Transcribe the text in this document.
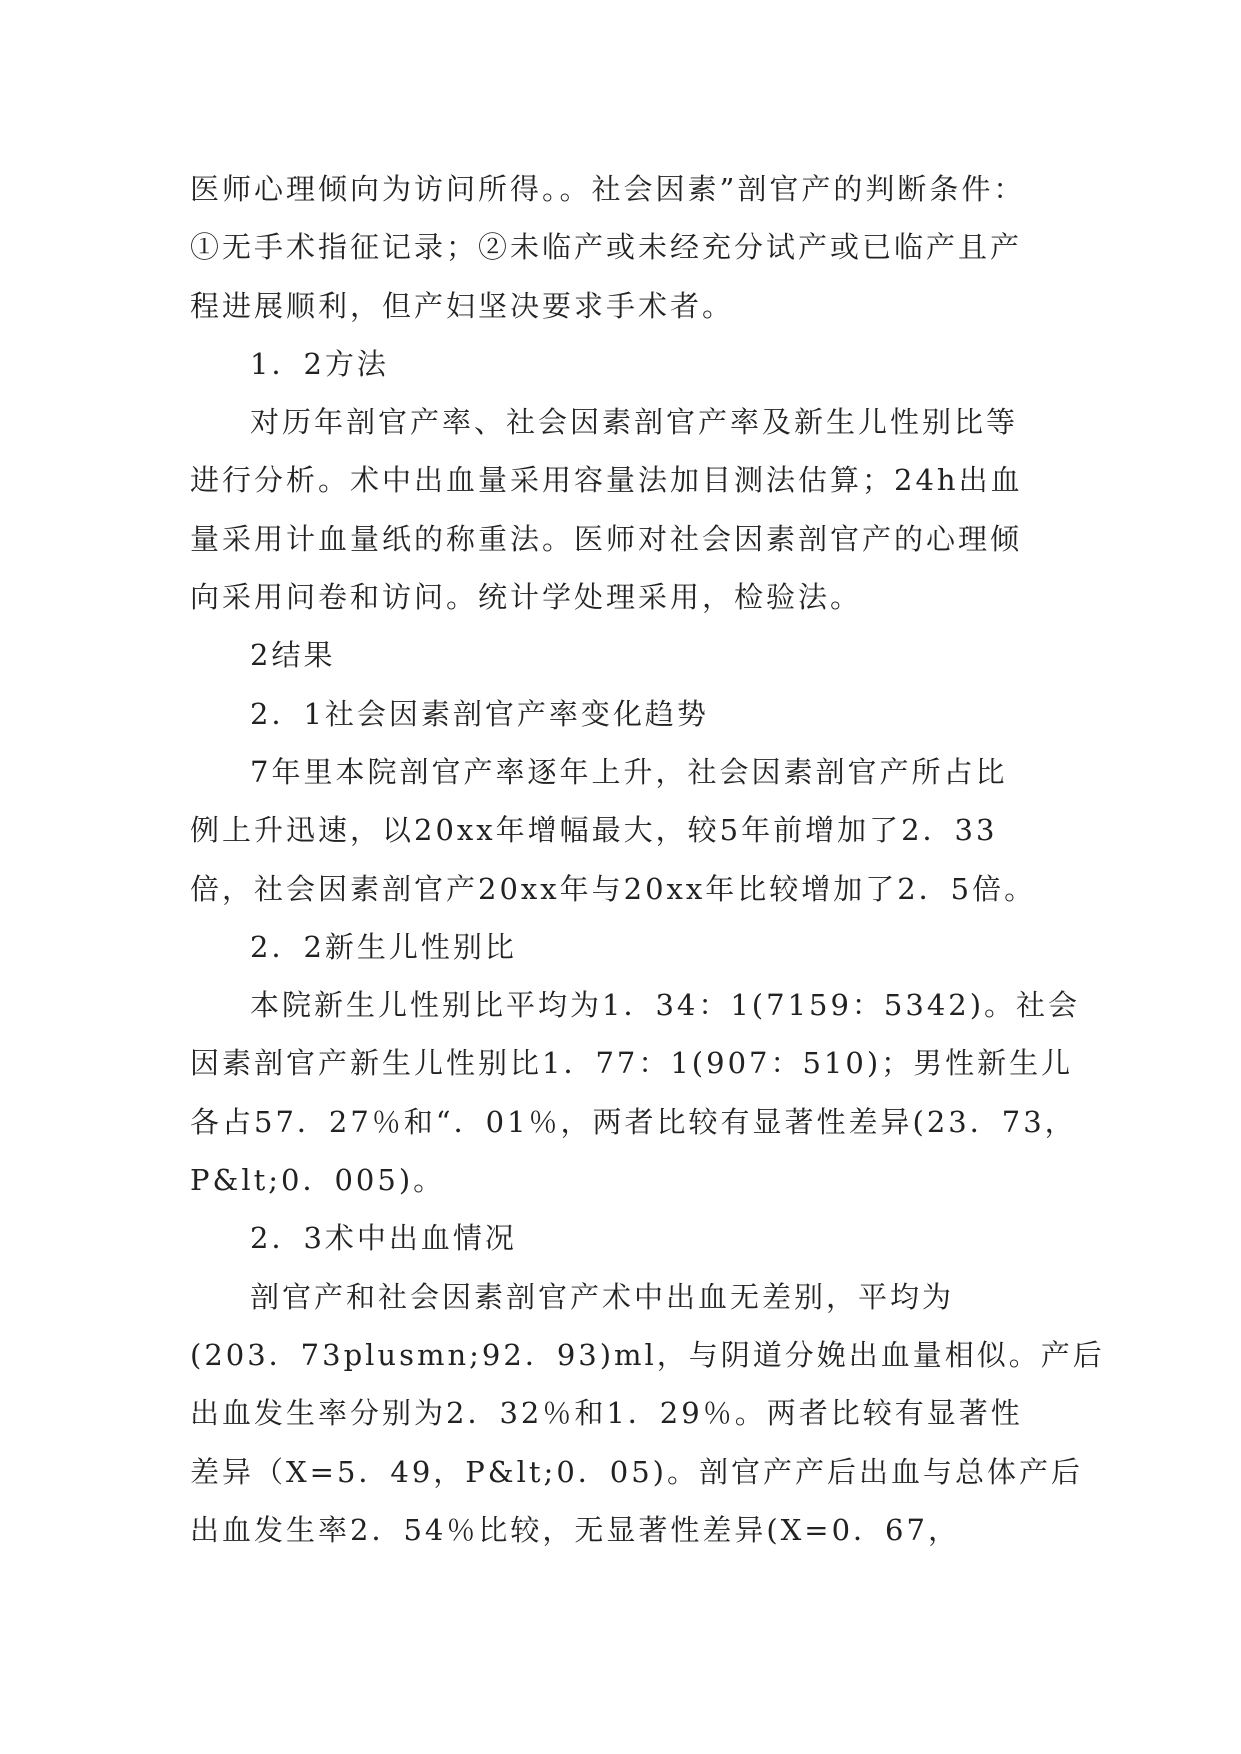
医师心理倾向为访问所得。。社会因素”剖官产的判断条件：
①无手术指征记录；②未临产或未经充分试产或已临产且产
程进展顺利，但产妇坚决要求手术者。
1．2方法
对历年剖官产率、社会因素剖官产率及新生儿性别比等
进行分析。术中出血量采用容量法加目测法估算；24h出血
量采用计血量纸的称重法。医师对社会因素剖官产的心理倾
向采用问卷和访问。统计学处理采用，检验法。
2结果
2．1社会因素剖官产率变化趋势
7年里本院剖官产率逐年上升，社会因素剖官产所占比
例上升迅速，以20xx年增幅最大，较5年前增加了2．33
倍，社会因素剖官产20xx年与20xx年比较增加了2．5倍。
2．2新生儿性别比
本院新生儿性别比平均为1．34：1(7159：5342)。社会
因素剖官产新生儿性别比1．77：1(907：510)；男性新生儿
各占57．27％和“．01％，两者比较有显著性差异(23．73，
P&lt;0．005)。
2．3术中出血情况
剖官产和社会因素剖官产术中出血无差别，平均为
(203．73plusmn;92．93)ml，与阴道分娩出血量相似。产后
出血发生率分别为2．32％和1．29％。两者比较有显著性
差异（X=5．49，P&lt;0．05)。剖官产产后出血与总体产后
出血发生率2．54％比较，无显著性差异(X=0．67，
